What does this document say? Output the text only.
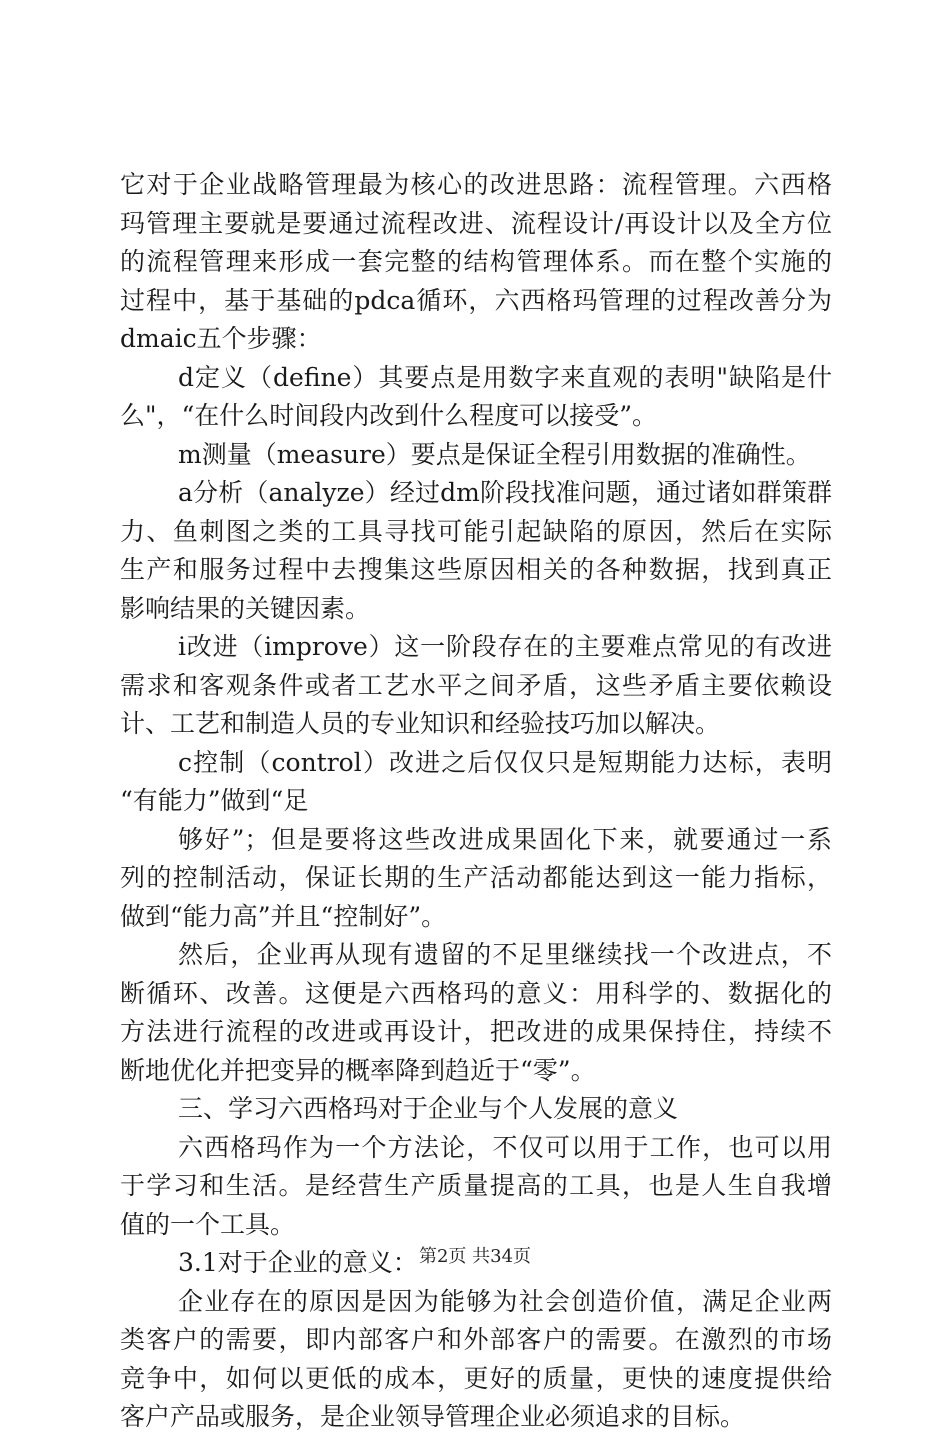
它对于企业战略管理最为核心的改进思路：流程管理。六西格
玛管理主要就是要通过流程改进、流程设计/再设计以及全方位
的流程管理来形成一套完整的结构管理体系。而在整个实施的
过程中，基于基础的pdca循环，六西格玛管理的过程改善分为
dmaic五个步骤：
d定义（define）其要点是用数字来直观的表明"缺陷是什
么"，“在什么时间段内改到什么程度可以接受”。
m测量（measure）要点是保证全程引用数据的准确性。
a分析（analyze）经过dm阶段找准问题，通过诸如群策群
力、鱼刺图之类的工具寻找可能引起缺陷的原因，然后在实际
生产和服务过程中去搜集这些原因相关的各种数据，找到真正
影响结果的关键因素。
i改进（improve）这一阶段存在的主要难点常见的有改进
需求和客观条件或者工艺水平之间矛盾，这些矛盾主要依赖设
计、工艺和制造人员的专业知识和经验技巧加以解决。
c控制（control）改进之后仅仅只是短期能力达标，表明
“有能力”做到“足
够好”；但是要将这些改进成果固化下来，就要通过一系
列的控制活动，保证长期的生产活动都能达到这一能力指标，
做到“能力高”并且“控制好”。
然后，企业再从现有遗留的不足里继续找一个改进点，不
断循环、改善。这便是六西格玛的意义：用科学的、数据化的
方法进行流程的改进或再设计，把改进的成果保持住，持续不
断地优化并把变异的概率降到趋近于“零”。
三、学习六西格玛对于企业与个人发展的意义
六西格玛作为一个方法论，不仅可以用于工作，也可以用
于学习和生活。是经营生产质量提高的工具，也是人生自我增
值的一个工具。
3.1对于企业的意义：
企业存在的原因是因为能够为社会创造价值，满足企业两
类客户的需要，即内部客户和外部客户的需要。在激烈的市场
竞争中，如何以更低的成本，更好的质量，更快的速度提供给
客户产品或服务，是企业领导管理企业必须追求的目标。
第2页 共34页
